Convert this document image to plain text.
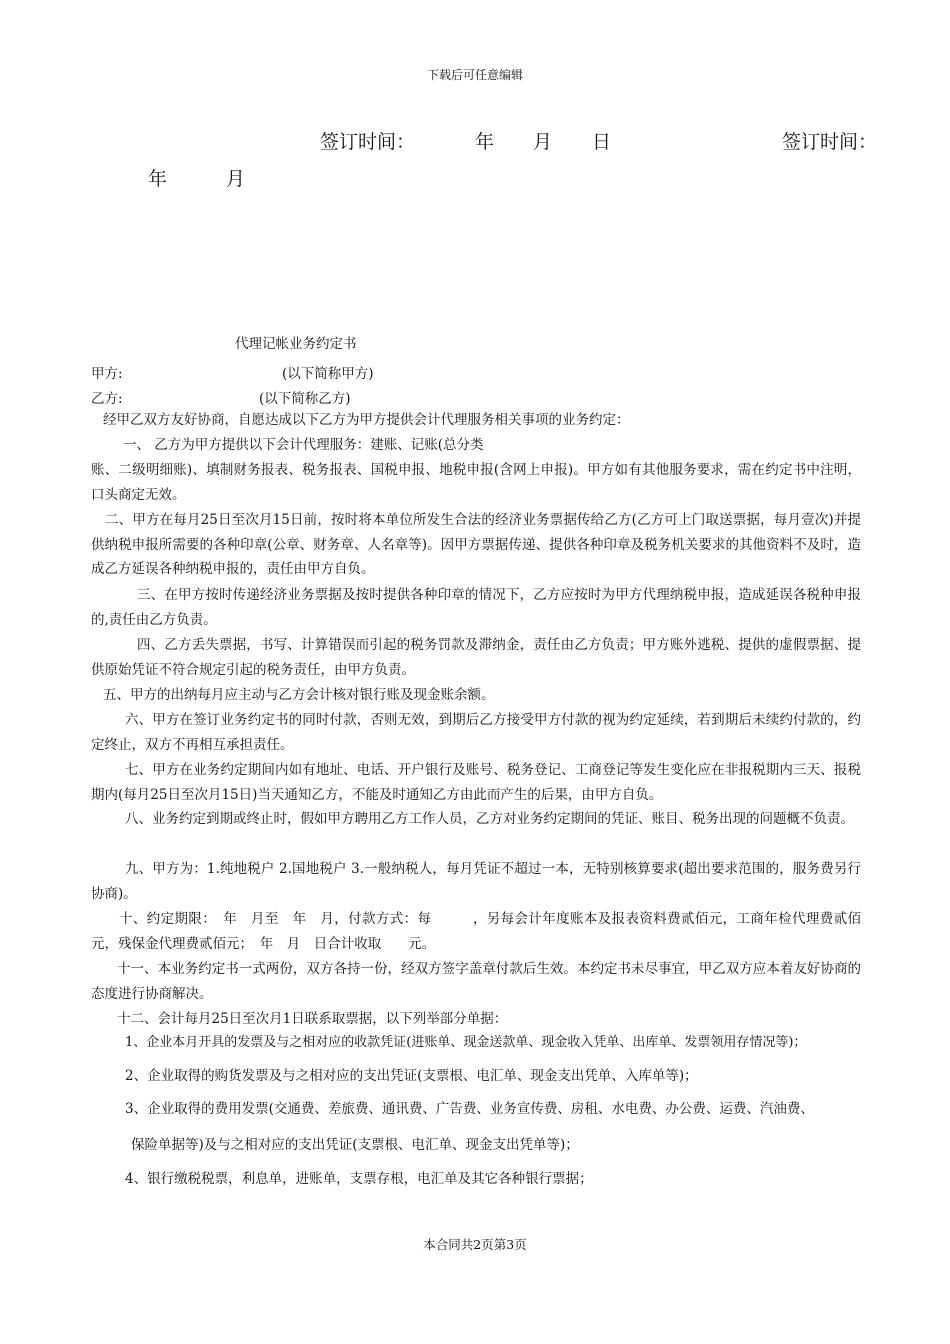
下载后可任意编辑
签订时间：	年 月 日	签订时间：
年	月
代理记帐业务约定书
甲方:	(以下简称甲方)
乙方:	(以下简称乙方)
经甲乙双方友好协商，自愿达成以下乙方为甲方提供会计代理服务相关事项的业务约定：
一、 乙方为甲方提供以下会计代理服务：建账、记账(总分类
账、二级明细账)、填制财务报表、税务报表、国税申报、地税申报(含网上申报)。甲方如有其他服务要求，需在约定书中注明，口头商定无效。
二、甲方在每月25日至次月15日前，按时将本单位所发生合法的经济业务票据传给乙方(乙方可上门取送票据，每月壹次)并提供纳税申报所需要的各种印章(公章、财务章、人名章等)。因甲方票据传递、提供各种印章及税务机关要求的其他资料不及时，造成乙方延误各种纳税申报的，责任由甲方自负。
三、在甲方按时传递经济业务票据及按时提供各种印章的情况下，乙方应按时为甲方代理纳税申报，造成延误各税种申报的,责任由乙方负责。
四、乙方丢失票据，书写、计算错误而引起的税务罚款及滞纳金，责任由乙方负责；甲方账外逃税、提供的虚假票据、提供原始凭证不符合规定引起的税务责任，由甲方负责。
五、甲方的出纳每月应主动与乙方会计核对银行账及现金账余额。
六、甲方在签订业务约定书的同时付款，否则无效，到期后乙方接受甲方付款的视为约定延续，若到期后未续约付款的，约定终止，双方不再相互承担责任。
七、甲方在业务约定期间内如有地址、电话、开户银行及账号、税务登记、工商登记等发生变化应在非报税期内三天、报税期内(每月25日至次月15日)当天通知乙方，不能及时通知乙方由此而产生的后果，由甲方自负。
八、业务约定到期或终止时，假如甲方聘用乙方工作人员，乙方对业务约定期间的凭证、账目、税务出现的问题概不负责。
九、甲方为：1.纯地税户 2.国地税户 3.一般纳税人，每月凭证不超过一本，无特别核算要求(超出要求范围的，服务费另行协商)。
十、约定期限：　年　月至　年　月，付款方式：每　　　，另每会计年度账本及报表资料费贰佰元，工商年检代理费贰佰元，残保金代理费贰佰元；　年　月　日合计收取　　元。
十一、本业务约定书一式两份，双方各持一份，经双方签字盖章付款后生效。本约定书未尽事宜，甲乙双方应本着友好协商的态度进行协商解决。
十二、会计每月25日至次月1日联系取票据，以下列举部分单据：
1、企业本月开具的发票及与之相对应的收款凭证(进账单、现金送款单、现金收入凭单、出库单、发票领用存情况等)；
2、企业取得的购货发票及与之相对应的支出凭证(支票根、电汇单、现金支出凭单、入库单等)；
3、企业取得的费用发票(交通费、差旅费、通讯费、广告费、业务宣传费、房租、水电费、办公费、运费、汽油费、
保险单据等)及与之相对应的支出凭证(支票根、电汇单、现金支出凭单等)；
4、银行缴税税票，利息单，进账单，支票存根，电汇单及其它各种银行票据；
本合同共2页第3页
